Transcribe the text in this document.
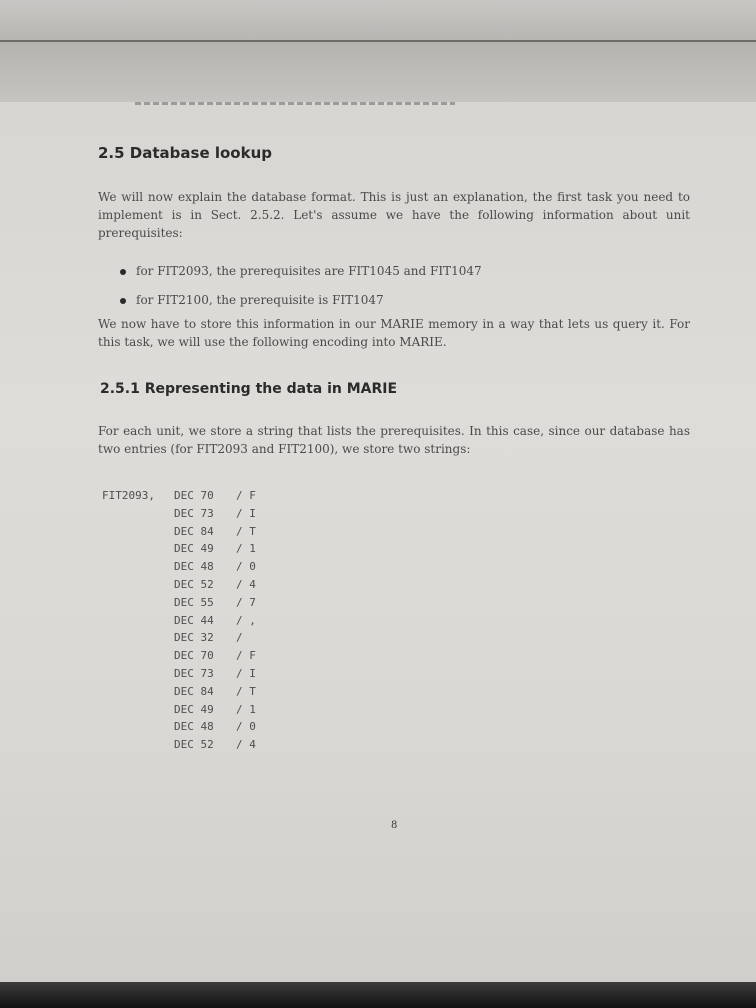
2.5 Database lookup
We will now explain the database format. This is just an explanation, the first task you need to implement is in Sect. 2.5.2. Let's assume we have the following information about unit prerequisites:
for FIT2093, the prerequisites are FIT1045 and FIT1047
for FIT2100, the prerequisite is FIT1047
We now have to store this information in our MARIE memory in a way that lets us query it. For this task, we will use the following encoding into MARIE.
2.5.1 Representing the data in MARIE
For each unit, we store a string that lists the prerequisites. In this case, since our database has two entries (for FIT2093 and FIT2100), we store two strings:
FIT2093,	DEC 70 / F
DEC 73 / I
DEC 84 / T
DEC 49 / 1
DEC 48 / 0
DEC 52 / 4
DEC 55 / 7
DEC 44 / ,
DEC 32 /
DEC 70 / F
DEC 73 / I
DEC 84 / T
DEC 49 / 1
DEC 48 / 0
DEC 52 / 4
8
